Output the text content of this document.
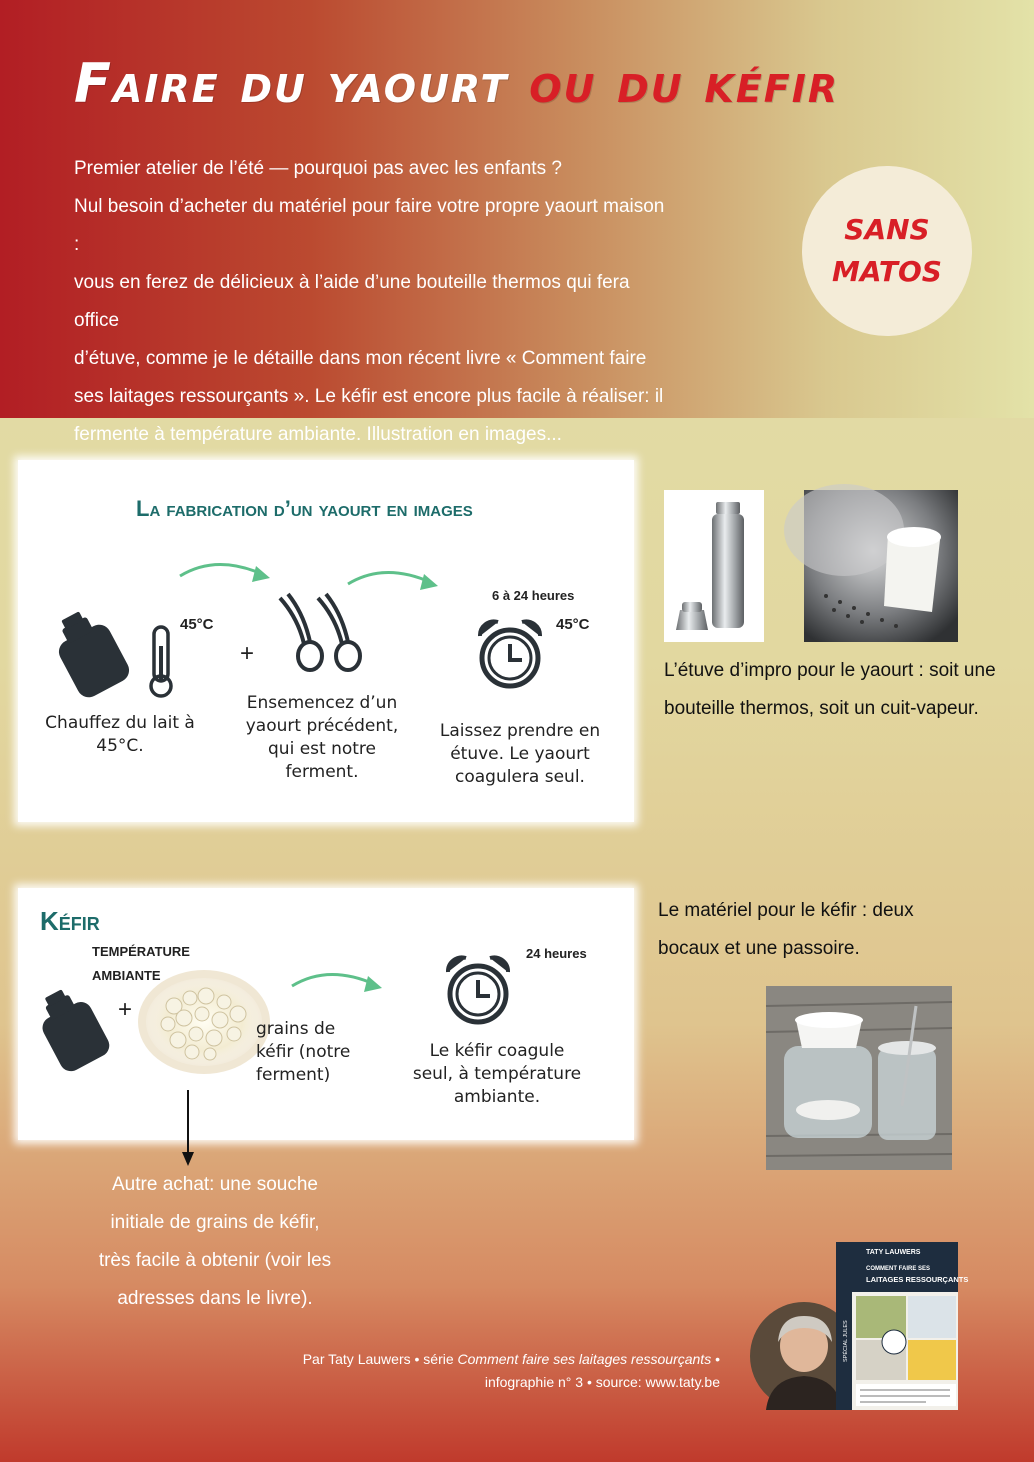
Faire du yaourt ou du kéfir

Premier atelier de l’été — pourquoi pas avec les enfants ?

Nul besoin d’acheter du matériel pour faire votre propre yaourt maison :

vous en ferez de délicieux à l’aide d’une bouteille thermos qui fera office

d’étuve, comme je le détaille dans mon récent livre « Comment faire

ses laitages ressourçants ». Le kéfir est encore plus facile à réaliser: il

fermente à température ambiante. Illustration en images...

SANS
MATOS
La fabrication d’un yaourt en images
45°C
+
6 à 24 heures
45°C
Chauffez du lait à 45°C.
Ensemencez d’un yaourt précédent, qui est notre ferment.
Laissez prendre en étuve. Le yaourt coagulera seul.
Kéfir
TEMPÉRATURE
AMBIANTE
+
grains de kéfir (notre ferment)
24 heures
Le kéfir coagule seul, à température ambiante.
L’étuve d’impro pour le yaourt : soit une
bouteille thermos, soit un cuit-vapeur.
Le matériel pour le kéfir : deux
bocaux et une passoire.
Autre achat: une souche
initiale de grains de kéfir,
très facile à obtenir (voir les
adresses dans le livre).
Par Taty Lauwers • série Comment faire ses laitages ressourçants •
infographie n° 3 • source: www.taty.be
TATY LAUWERS
COMMENT FAIRE SES
LAITAGES RESSOURÇANTS
SPÉCIAL JULES
